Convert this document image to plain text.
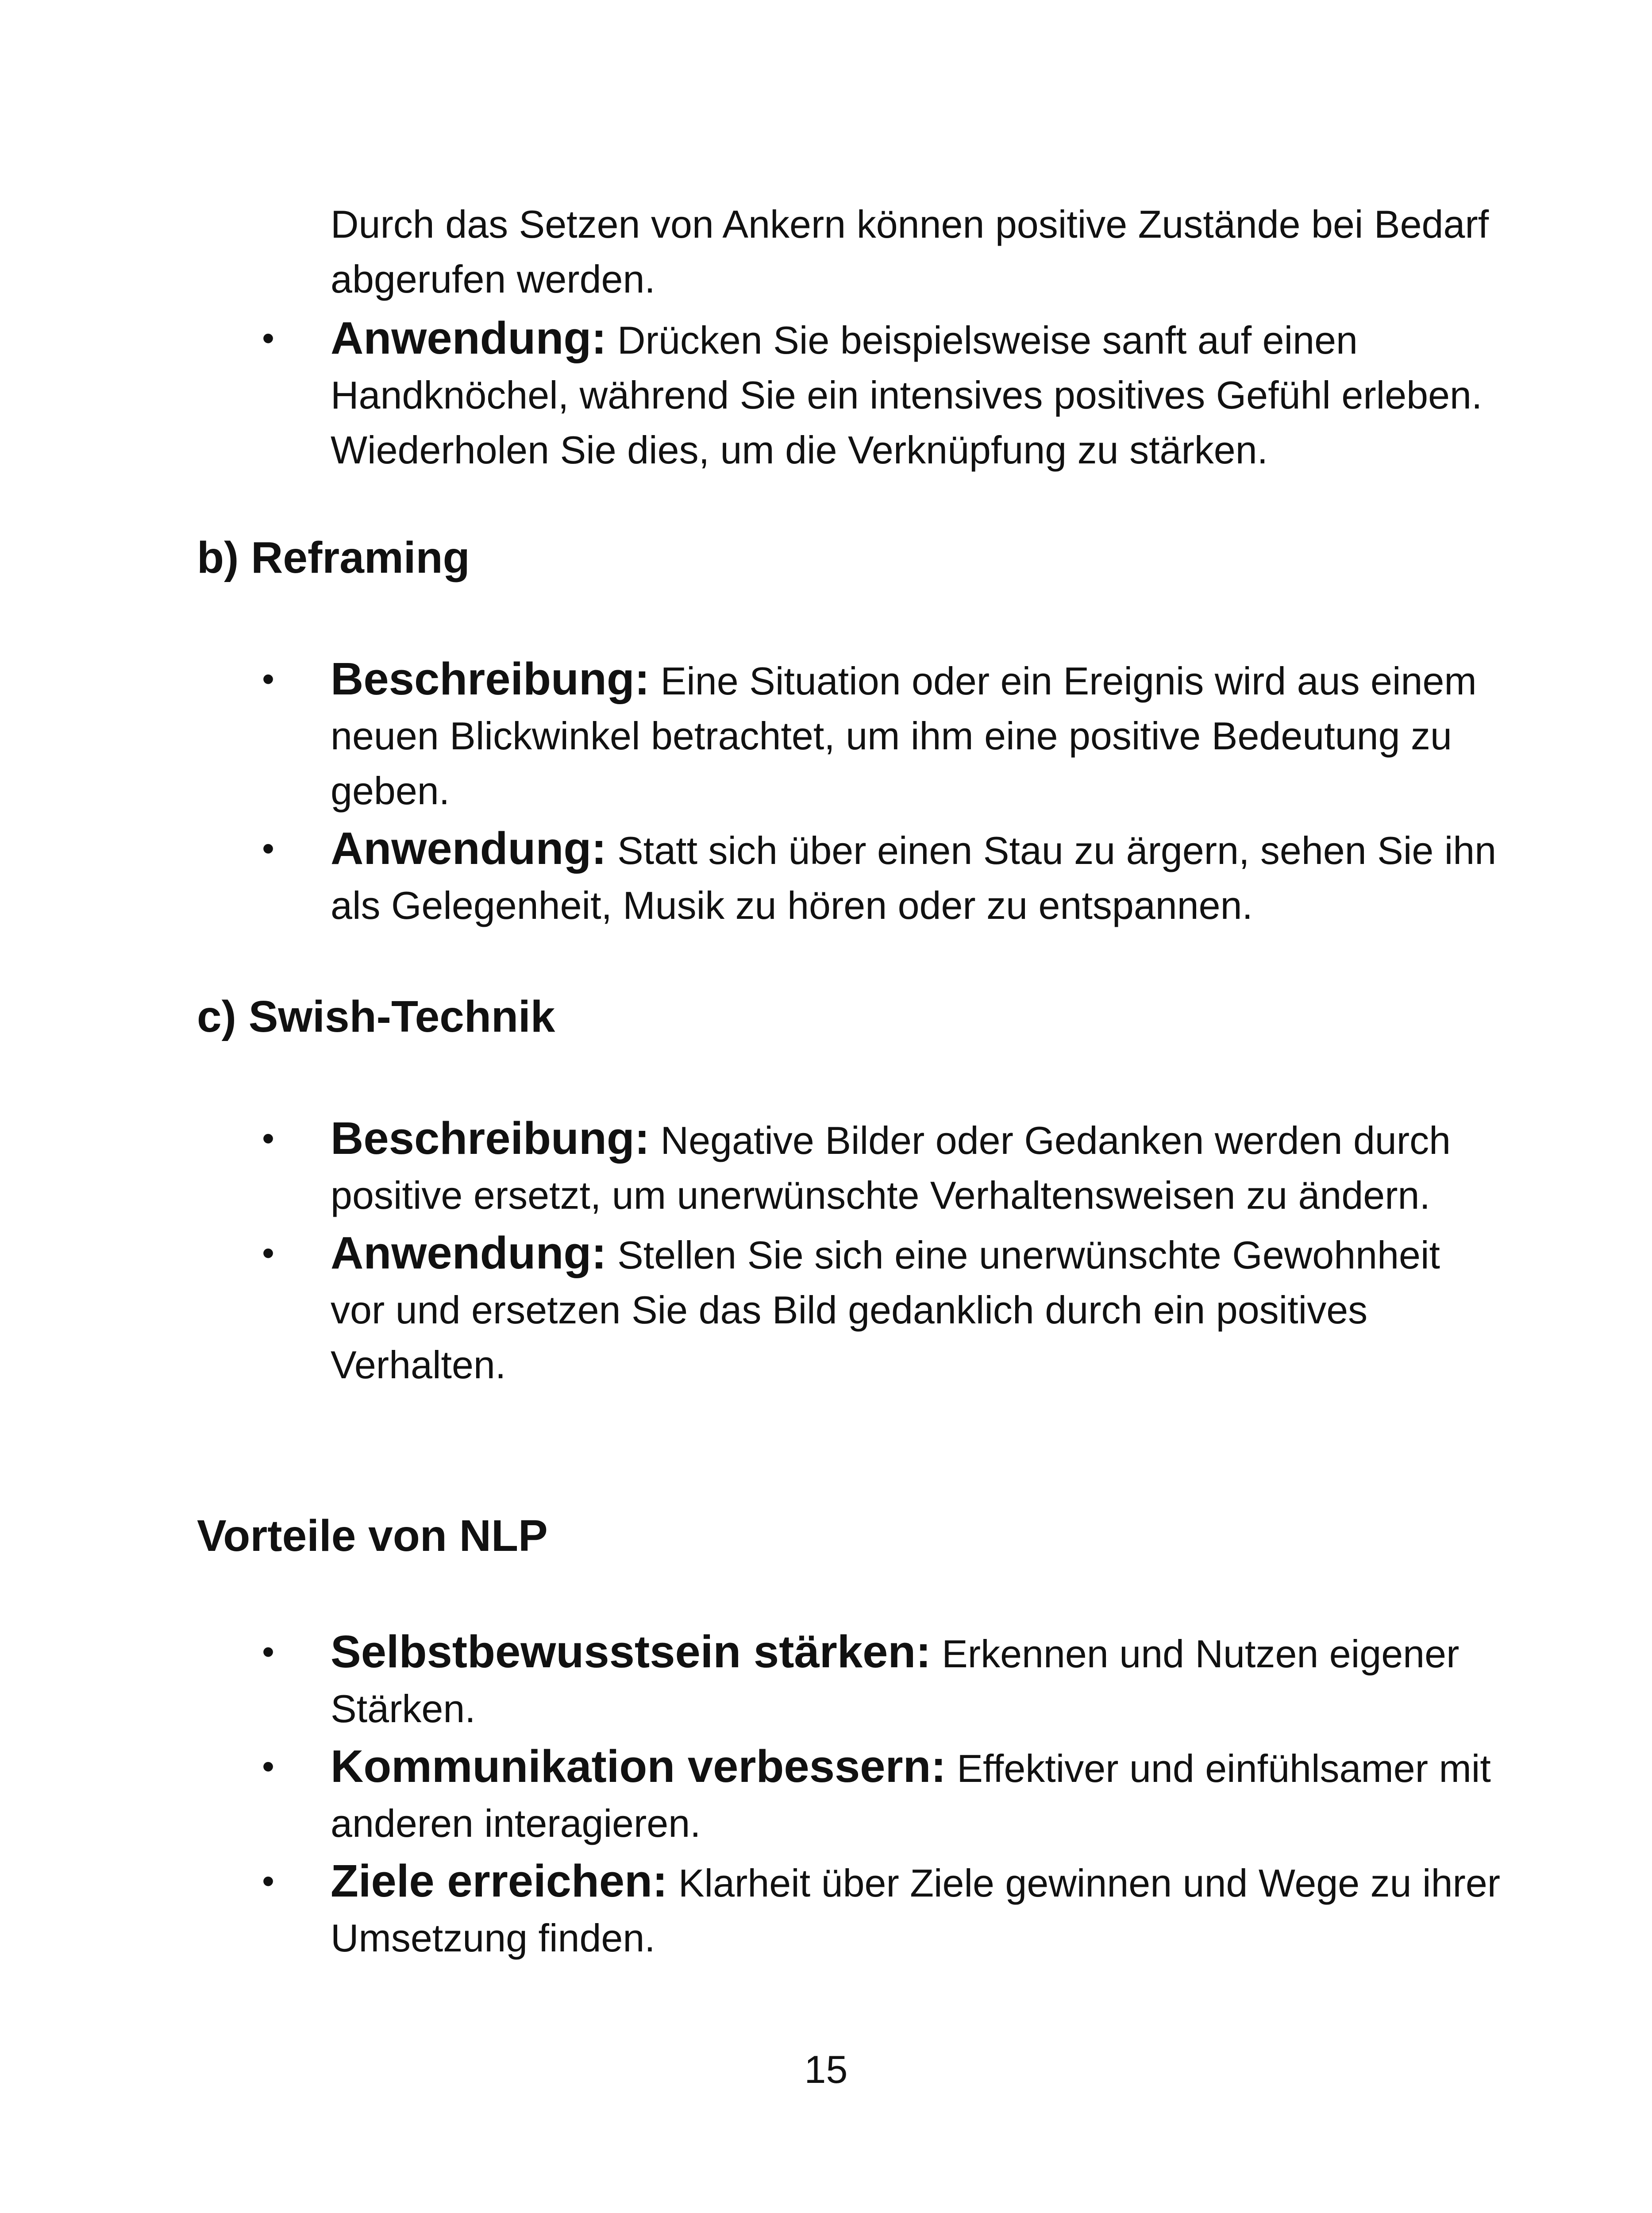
Durch das Setzen von Ankern können positive Zustände bei Bedarf abgerufen werden.

• Anwendung: Drücken Sie beispielsweise sanft auf einen Handknöchel, während Sie ein intensives positives Gefühl erleben. Wiederholen Sie dies, um die Verknüpfung zu stärken.
b) Reframing
• Beschreibung: Eine Situation oder ein Ereignis wird aus einem neuen Blickwinkel betrachtet, um ihm eine positive Bedeutung zu geben.
• Anwendung: Statt sich über einen Stau zu ärgern, sehen Sie ihn als Gelegenheit, Musik zu hören oder zu entspannen.
c) Swish-Technik
• Beschreibung: Negative Bilder oder Gedanken werden durch positive ersetzt, um unerwünschte Verhaltensweisen zu ändern.
• Anwendung: Stellen Sie sich eine unerwünschte Gewohnheit vor und ersetzen Sie das Bild gedanklich durch ein positives Verhalten.
Vorteile von NLP
• Selbstbewusstsein stärken: Erkennen und Nutzen eigener Stärken.
• Kommunikation verbessern: Effektiver und einfühlsamer mit anderen interagieren.
• Ziele erreichen: Klarheit über Ziele gewinnen und Wege zu ihrer Umsetzung finden.

15
